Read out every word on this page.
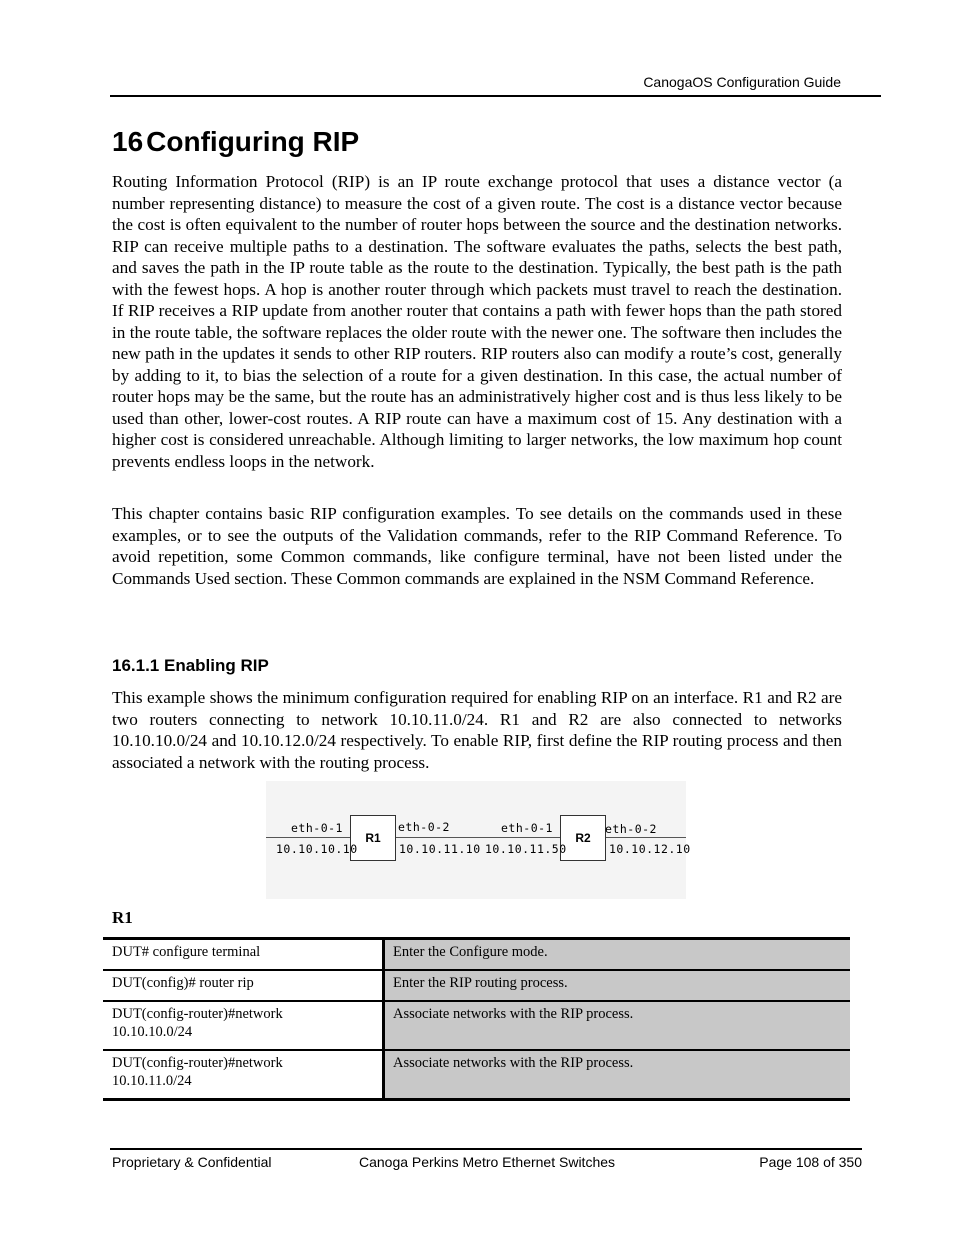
CanogaOS Configuration Guide
16 Configuring RIP

Routing Information Protocol (RIP) is an IP route exchange protocol that uses a distance vector (a number representing distance) to measure the cost of a given route. The cost is a distance vector because the cost is often equivalent to the number of router hops between the source and the destination networks. RIP can receive multiple paths to a destination. The software evaluates the paths, selects the best path, and saves the path in the IP route table as the route to the destination. Typically, the best path is the path with the fewest hops. A hop is another router through which packets must travel to reach the destination. If RIP receives a RIP update from another router that contains a path with fewer hops than the path stored in the route table, the software replaces the older route with the newer one. The software then includes the new path in the updates it sends to other RIP routers. RIP routers also can modify a route’s cost, generally by adding to it, to bias the selection of a route for a given destination. In this case, the actual number of router hops may be the same, but the route has an administratively higher cost and is thus less likely to be used than other, lower-cost routes. A RIP route can have a maximum cost of 15. Any destination with a higher cost is considered unreachable. Although limiting to larger networks, the low maximum hop count prevents endless loops in the network.

This chapter contains basic RIP configuration examples. To see details on the commands used in these examples, or to see the outputs of the Validation commands, refer to the RIP Command Reference. To avoid repetition, some Common commands, like configure terminal, have not been listed under the Commands Used section. These Common commands are explained in the NSM Command Reference.

16.1.1 Enabling RIP

This example shows the minimum configuration required for enabling RIP on an interface. R1 and R2 are two routers connecting to network 10.10.11.0/24. R1 and R2 are also connected to networks 10.10.10.0/24 and 10.10.12.0/24 respectively. To enable RIP, first define the RIP routing process and then associated a network with the routing process.

R1	R2
eth-0-1
10.10.10.10
eth-0-2
10.10.11.10
eth-0-1
10.10.11.50
eth-0-2
10.10.12.10
R1
DUT# configure terminal	Enter the Configure mode.
DUT(config)# router rip	Enter the RIP routing process.
DUT(config-router)#network
10.10.10.0/24	Associate networks with the RIP process.
DUT(config-router)#network
10.10.11.0/24	Associate networks with the RIP process.
Proprietary & Confidential	Canoga Perkins Metro Ethernet Switches	Page 108 of 350
